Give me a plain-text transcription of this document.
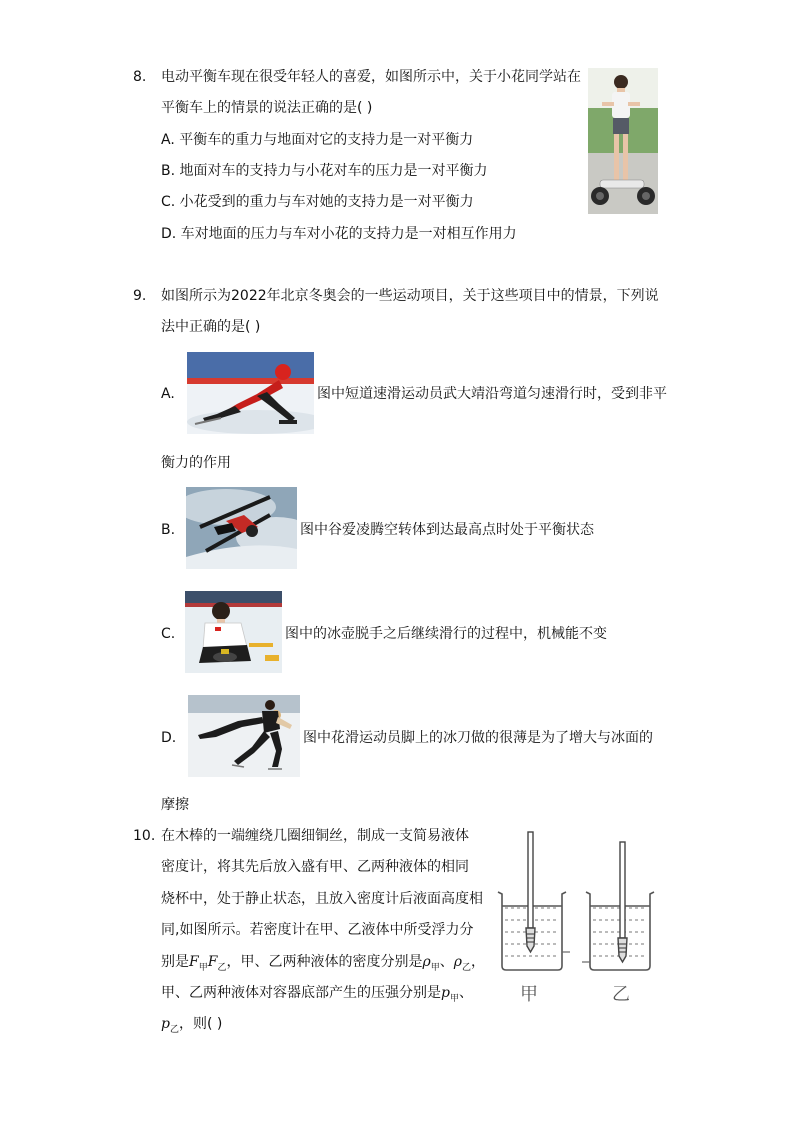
8. 电动平衡车现在很受年轻人的喜爱，如图所示中，关于小花同学站在
平衡车上的情景的说法正确的是( )
A. 平衡车的重力与地面对它的支持力是一对平衡力
B. 地面对车的支持力与小花对车的压力是一对平衡力
C. 小花受到的重力与车对她的支持力是一对平衡力
D. 车对地面的压力与车对小花的支持力是一对相互作用力
9. 如图所示为2022年北京冬奥会的一些运动项目，关于这些项目中的情景，下列说
法中正确的是( )
A.	图中短道速滑运动员武大靖沿弯道匀速滑行时，受到非平
衡力的作用
B.	图中谷爱凌腾空转体到达最高点时处于平衡状态
C.	图中的冰壶脱手之后继续滑行的过程中，机械能不变
D.	图中花滑运动员脚上的冰刀做的很薄是为了增大与冰面的
摩擦
10. 在木棒的一端缠绕几圈细铜丝，制成一支简易液体
密度计，将其先后放入盛有甲、乙两种液体的相同
烧杯中，处于静止状态，且放入密度计后液面高度相
同,如图所示。若密度计在甲、乙液体中所受浮力分
别是$F_甲F_乙$，甲、乙两种液体的密度分别是$\rho_甲$、$\rho_乙$，
甲、乙两种液体对容器底部产生的压强分别是$p_甲$、
$p_乙$，则( )
甲	乙
